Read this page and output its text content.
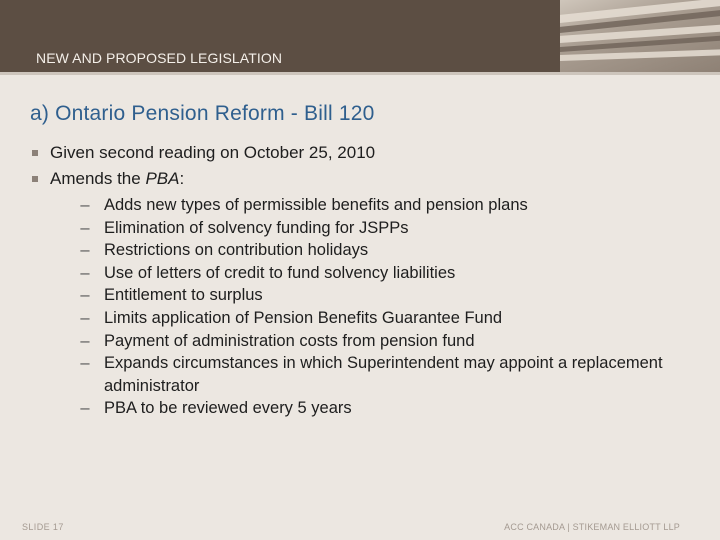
NEW AND PROPOSED LEGISLATION
a) Ontario Pension Reform - Bill 120
Given second reading on October 25, 2010
Amends the PBA:
– Adds new types of permissible benefits and pension plans
– Elimination of solvency funding for JSPPs
– Restrictions on contribution holidays
– Use of letters of credit to fund solvency liabilities
– Entitlement to surplus
– Limits application of Pension Benefits Guarantee Fund
– Payment of administration costs from pension fund
– Expands circumstances in which Superintendent may appoint a replacement administrator
– PBA to be reviewed every 5 years
SLIDE 17	ACC CANADA | STIKEMAN ELLIOTT LLP
